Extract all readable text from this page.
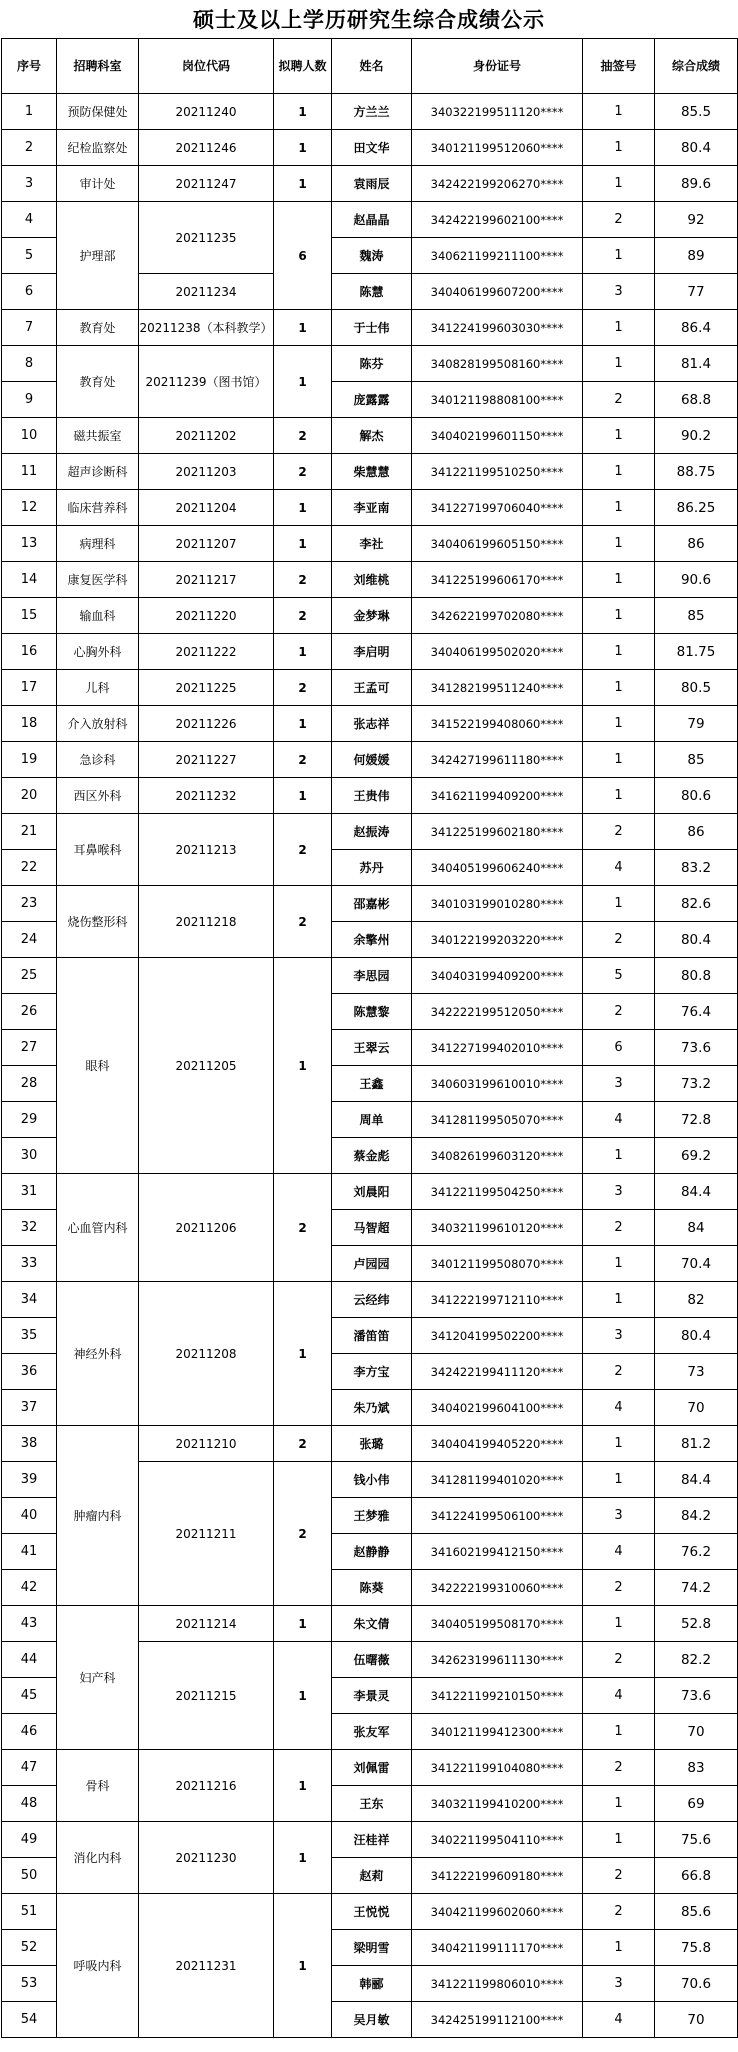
硕士及以上学历研究生综合成绩公示
序号	招聘科室	岗位代码	拟聘人数	姓名	身份证号	抽签号	综合成绩
1	预防保健处	20211240	1	方兰兰	340322199511120****	1	85.5
2	纪检监察处	20211246	1	田文华	340121199512060****	1	80.4
3	审计处	20211247	1	袁雨辰	342422199206270****	1	89.6
4	护理部	20211235	6	赵晶晶	342422199602100****	2	92
5				魏涛	340621199211100****	1	89
6		20211234		陈慧	340406199607200****	3	77
7	教育处	20211238（本科教学）	1	于士伟	341224199603030****	1	86.4
8	教育处	20211239（图书馆）	1	陈芬	340828199508160****	1	81.4
9				庞露露	340121198808100****	2	68.8
10	磁共振室	20211202	2	解杰	340402199601150****	1	90.2
11	超声诊断科	20211203	2	柴慧慧	341221199510250****	1	88.75
12	临床营养科	20211204	1	李亚南	341227199706040****	1	86.25
13	病理科	20211207	1	李社	340406199605150****	1	86
14	康复医学科	20211217	2	刘维桃	341225199606170****	1	90.6
15	输血科	20211220	2	金梦琳	342622199702080****	1	85
16	心胸外科	20211222	1	李启明	340406199502020****	1	81.75
17	儿科	20211225	2	王孟可	341282199511240****	1	80.5
18	介入放射科	20211226	1	张志祥	341522199408060****	1	79
19	急诊科	20211227	2	何媛媛	342427199611180****	1	85
20	西区外科	20211232	1	王贵伟	341621199409200****	1	80.6
21	耳鼻喉科	20211213	2	赵振涛	341225199602180****	2	86
22				苏丹	340405199606240****	4	83.2
23	烧伤整形科	20211218	2	邵嘉彬	340103199010280****	1	82.6
24				余擎州	340122199203220****	2	80.4
25	眼科	20211205	1	李思园	340403199409200****	5	80.8
26				陈慧黎	342222199512050****	2	76.4
27				王翠云	341227199402010****	6	73.6
28				王鑫	340603199610010****	3	73.2
29				周单	341281199505070****	4	72.8
30				蔡金彪	340826199603120****	1	69.2
31	心血管内科	20211206	2	刘晨阳	341221199504250****	3	84.4
32				马智超	340321199610120****	2	84
33				卢园园	340121199508070****	1	70.4
34	神经外科	20211208	1	云经纬	341222199712110****	1	82
35				潘笛笛	341204199502200****	3	80.4
36				李方宝	342422199411120****	2	73
37				朱乃斌	340402199604100****	4	70
38	肿瘤内科	20211210	2	张璐	340404199405220****	1	81.2
39		20211211	2	钱小伟	341281199401020****	1	84.4
40				王梦雅	341224199506100****	3	84.2
41				赵静静	341602199412150****	4	76.2
42				陈葵	342222199310060****	2	74.2
43	妇产科	20211214	1	朱文倩	340405199508170****	1	52.8
44		20211215	1	伍曙薇	342623199611130****	2	82.2
45				李景灵	341221199210150****	4	73.6
46				张友军	340121199412300****	1	70
47	骨科	20211216	1	刘佩雷	341221199104080****	2	83
48				王东	340321199410200****	1	69
49	消化内科	20211230	1	汪桂祥	340221199504110****	1	75.6
50				赵莉	341222199609180****	2	66.8
51	呼吸内科	20211231	1	王悦悦	340421199602060****	2	85.6
52				梁明雪	340421199111170****	1	75.8
53				韩郦	341221199806010****	3	70.6
54				吴月敏	342425199112100****	4	70
